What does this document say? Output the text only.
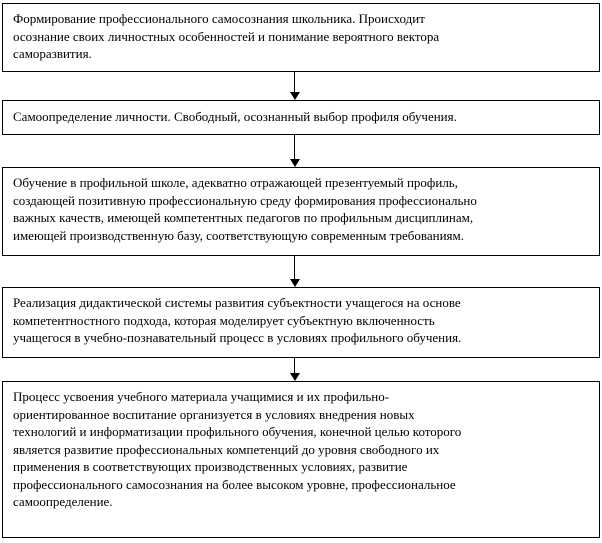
Формирование профессионального самосознания школьника. Происходит
осознание своих личностных особенностей и понимание вероятного вектора
саморазвития.

Самоопределение личности. Свободный, осознанный выбор профиля обучения.

Обучение в профильной школе, адекватно отражающей презентуемый профиль,
создающей позитивную профессиональную среду формирования профессионально
важных качеств, имеющей компетентных педагогов по профильным дисциплинам,
имеющей производственную базу, соответствующую современным требованиям.

Реализация дидактической системы развития субъектности учащегося на основе
компетентностного подхода, которая моделирует субъектную включенность
учащегося в учебно-познавательный процесс в условиях профильного обучения.

Процесс усвоения учебного материала учащимися и их профильно-
ориентированное воспитание организуется в условиях внедрения новых
технологий и информатизации профильного обучения, конечной целью которого
является развитие профессиональных компетенций до уровня свободного их
применения в соответствующих производственных условиях, развитие
профессионального самосознания на более высоком уровне, профессиональное
самоопределение.
